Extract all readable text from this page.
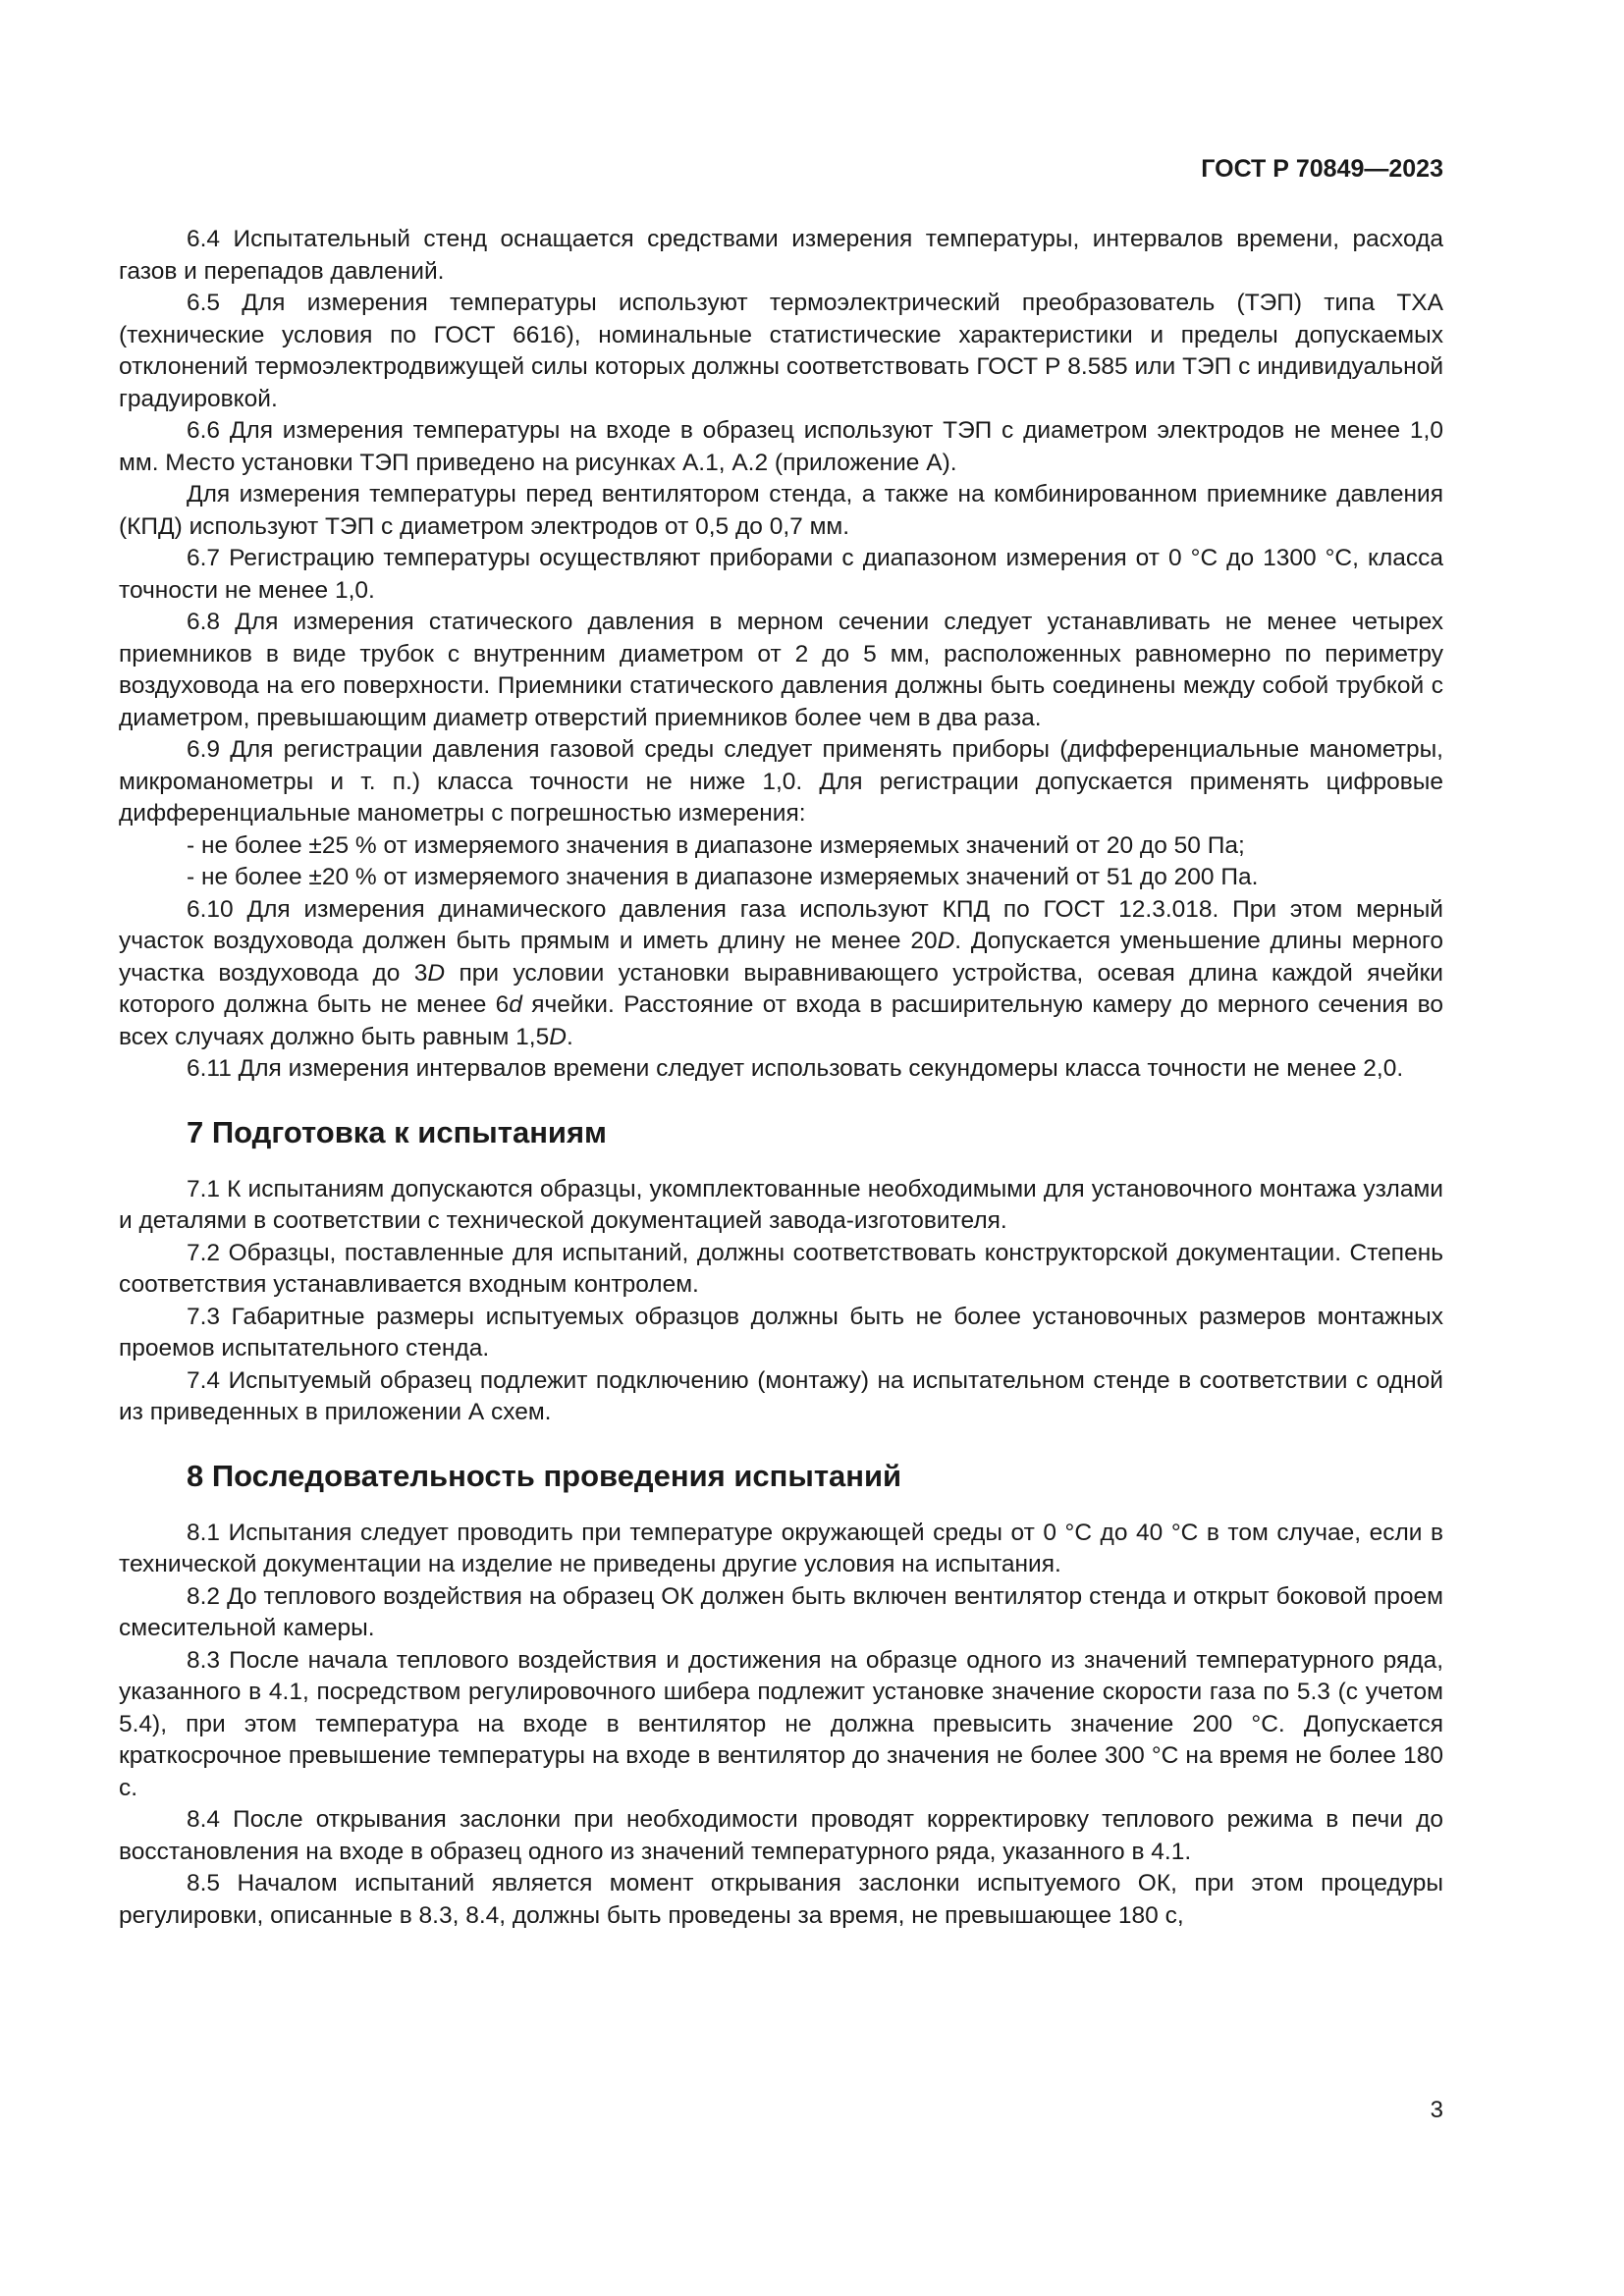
ГОСТ Р 70849—2023

6.4 Испытательный стенд оснащается средствами измерения температуры, интервалов времени, расхода газов и перепадов давлений.

6.5 Для измерения температуры используют термоэлектрический преобразователь (ТЭП) типа ТХА (технические условия по ГОСТ 6616), номинальные статистические характеристики и пределы допускаемых отклонений термоэлектродвижущей силы которых должны соответствовать ГОСТ Р 8.585 или ТЭП с индивидуальной градуировкой.

6.6 Для измерения температуры на входе в образец используют ТЭП с диаметром электродов не менее 1,0 мм. Место установки ТЭП приведено на рисунках А.1, А.2 (приложение А).

Для измерения температуры перед вентилятором стенда, а также на комбинированном приемнике давления (КПД) используют ТЭП с диаметром электродов от 0,5 до 0,7 мм.

6.7 Регистрацию температуры осуществляют приборами с диапазоном измерения от 0 °С до 1300 °С, класса точности не менее 1,0.

6.8 Для измерения статического давления в мерном сечении следует устанавливать не менее четырех приемников в виде трубок с внутренним диаметром от 2 до 5 мм, расположенных равномерно по периметру воздуховода на его поверхности. Приемники статического давления должны быть соединены между собой трубкой с диаметром, превышающим диаметр отверстий приемников более чем в два раза.

6.9 Для регистрации давления газовой среды следует применять приборы (дифференциальные манометры, микроманометры и т. п.) класса точности не ниже 1,0. Для регистрации допускается применять цифровые дифференциальные манометры с погрешностью измерения:

- не более ±25 % от измеряемого значения в диапазоне измеряемых значений от 20 до 50 Па;

- не более ±20 % от измеряемого значения в диапазоне измеряемых значений от 51 до 200 Па.

6.10 Для измерения динамического давления газа используют КПД по ГОСТ 12.3.018. При этом мерный участок воздуховода должен быть прямым и иметь длину не менее 20D. Допускается уменьшение длины мерного участка воздуховода до 3D при условии установки выравнивающего устройства, осевая длина каждой ячейки которого должна быть не менее 6d ячейки. Расстояние от входа в расширительную камеру до мерного сечения во всех случаях должно быть равным 1,5D.

6.11 Для измерения интервалов времени следует использовать секундомеры класса точности не менее 2,0.

7 Подготовка к испытаниям

7.1 К испытаниям допускаются образцы, укомплектованные необходимыми для установочного монтажа узлами и деталями в соответствии с технической документацией завода-изготовителя.

7.2 Образцы, поставленные для испытаний, должны соответствовать конструкторской документации. Степень соответствия устанавливается входным контролем.

7.3 Габаритные размеры испытуемых образцов должны быть не более установочных размеров монтажных проемов испытательного стенда.

7.4 Испытуемый образец подлежит подключению (монтажу) на испытательном стенде в соответствии с одной из приведенных в приложении А схем.

8 Последовательность проведения испытаний

8.1 Испытания следует проводить при температуре окружающей среды от 0 °С до 40 °С в том случае, если в технической документации на изделие не приведены другие условия на испытания.

8.2 До теплового воздействия на образец ОК должен быть включен вентилятор стенда и открыт боковой проем смесительной камеры.

8.3 После начала теплового воздействия и достижения на образце одного из значений температурного ряда, указанного в 4.1, посредством регулировочного шибера подлежит установке значение скорости газа по 5.3 (с учетом 5.4), при этом температура на входе в вентилятор не должна превысить значение 200 °С. Допускается краткосрочное превышение температуры на входе в вентилятор до значения не более 300 °С на время не более 180 с.

8.4 После открывания заслонки при необходимости проводят корректировку теплового режима в печи до восстановления на входе в образец одного из значений температурного ряда, указанного в 4.1.

8.5 Началом испытаний является момент открывания заслонки испытуемого ОК, при этом процедуры регулировки, описанные в 8.3, 8.4, должны быть проведены за время, не превышающее 180 с,

3
